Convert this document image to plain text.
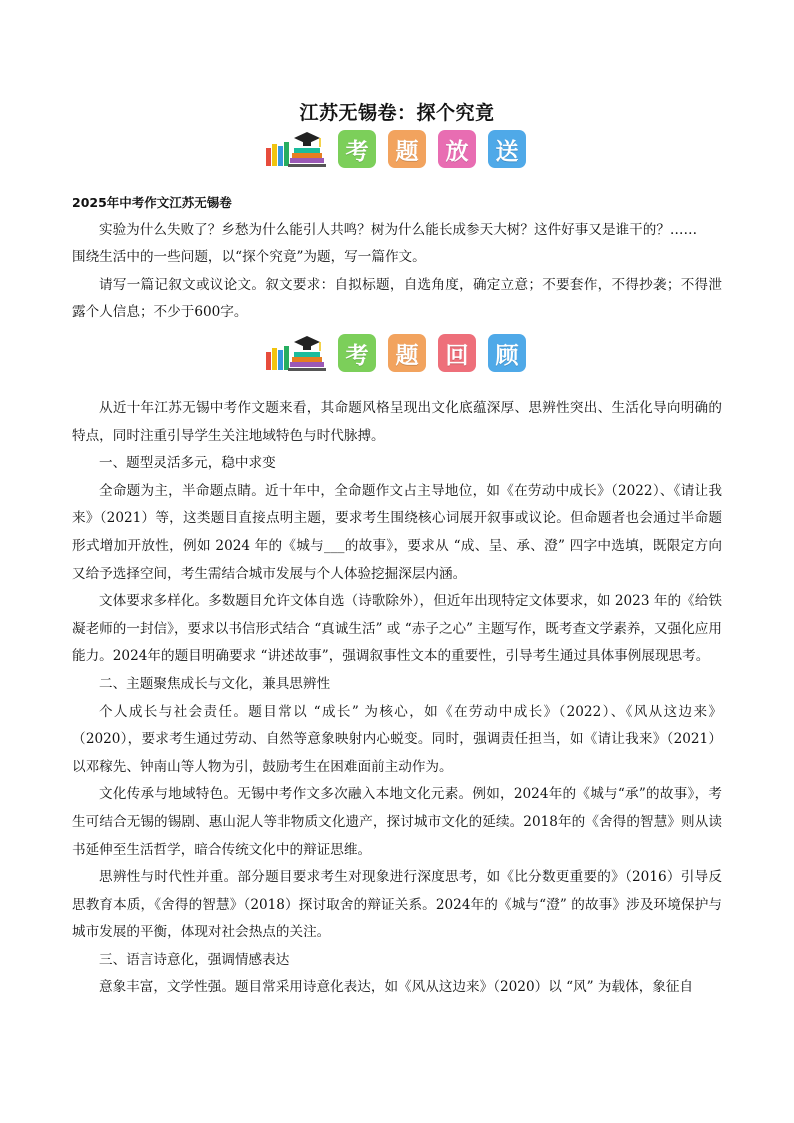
江苏无锡卷：探个究竟
考	题	放	送

2025年中考作文江苏无锡卷

实验为什么失败了？乡愁为什么能引人共鸣？树为什么能长成参天大树？这件好事又是谁干的？……

围绕生活中的一些问题，以“探个究竟”为题，写一篇作文。

请写一篇记叙文或议论文。叙文要求：自拟标题，自选角度，确定立意；不要套作，不得抄袭；不得泄露个人信息；不少于600字。

考	题	回	顾

从近十年江苏无锡中考作文题来看，其命题风格呈现出文化底蕴深厚、思辨性突出、生活化导向明确的特点，同时注重引导学生关注地域特色与时代脉搏。

一、题型灵活多元，稳中求变

全命题为主，半命题点睛。近十年中，全命题作文占主导地位，如《在劳动中成长》（2022）、《请让我来》（2021）等，这类题目直接点明主题，要求考生围绕核心词展开叙事或议论。但命题者也会通过半命题形式增加开放性，例如 2024 年的《城与___的故事》，要求从 “成、呈、承、澄” 四字中选填，既限定方向又给予选择空间，考生需结合城市发展与个人体验挖掘深层内涵。

文体要求多样化。多数题目允许文体自选（诗歌除外），但近年出现特定文体要求，如 2023 年的《给铁凝老师的一封信》，要求以书信形式结合 “真诚生活” 或 “赤子之心” 主题写作，既考查文学素养，又强化应用能力。2024年的题目明确要求 “讲述故事”，强调叙事性文本的重要性，引导考生通过具体事例展现思考。

二、主题聚焦成长与文化，兼具思辨性

个人成长与社会责任。题目常以 “成长” 为核心，如《在劳动中成长》（2022）、《风从这边来》（2020），要求考生通过劳动、自然等意象映射内心蜕变。同时，强调责任担当，如《请让我来》（2021）以邓稼先、钟南山等人物为引，鼓励考生在困难面前主动作为。

文化传承与地域特色。无锡中考作文多次融入本地文化元素。例如，2024年的《城与“承”的故事》，考生可结合无锡的锡剧、惠山泥人等非物质文化遗产，探讨城市文化的延续。2018年的《舍得的智慧》则从读书延伸至生活哲学，暗合传统文化中的辩证思维。

思辨性与时代性并重。部分题目要求考生对现象进行深度思考，如《比分数更重要的》（2016）引导反思教育本质，《舍得的智慧》（2018）探讨取舍的辩证关系。2024年的《城与“澄” 的故事》涉及环境保护与城市发展的平衡，体现对社会热点的关注。

三、语言诗意化，强调情感表达

意象丰富，文学性强。题目常采用诗意化表达，如《风从这边来》（2020）以 “风” 为载体，象征自
